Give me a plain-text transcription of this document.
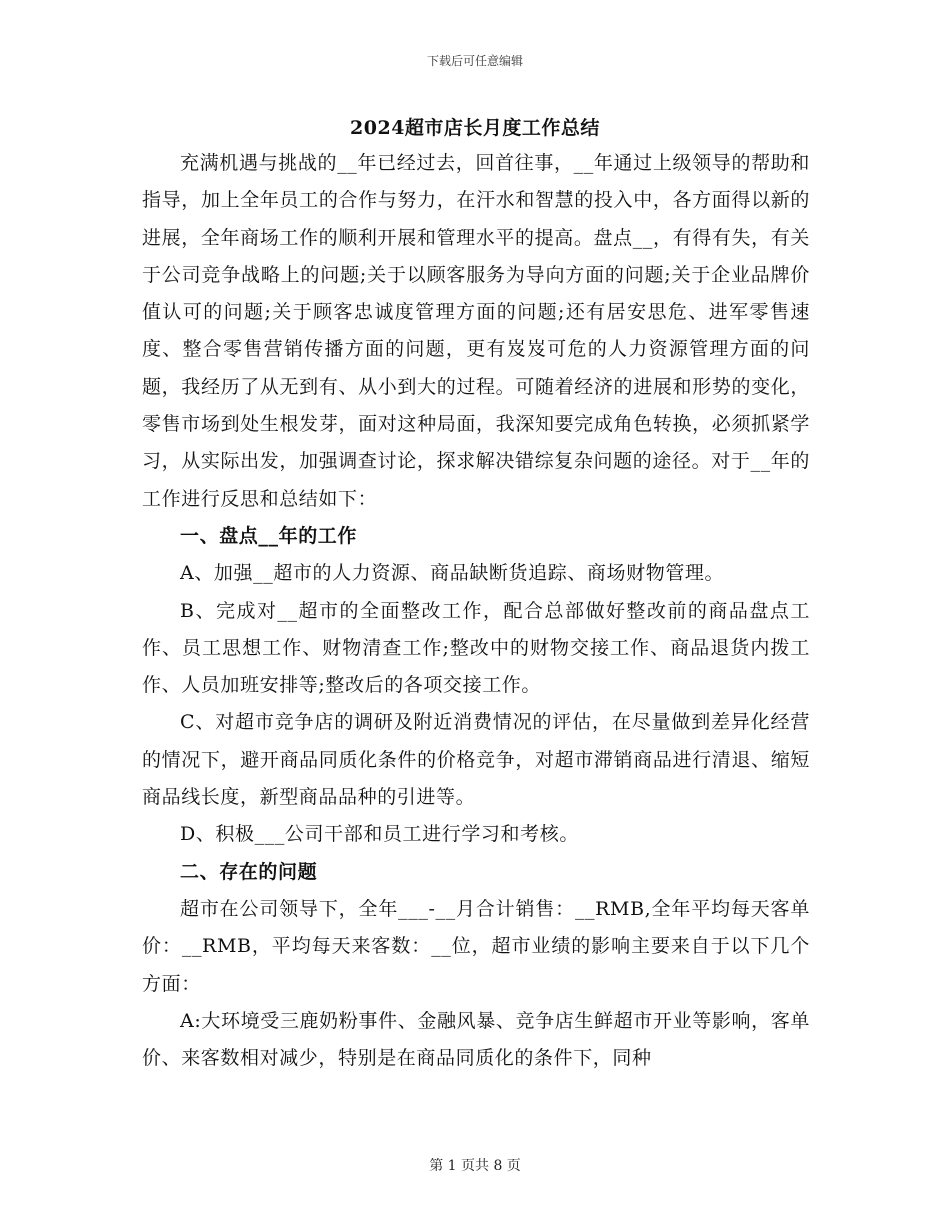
下载后可任意编辑
2024超市店长月度工作总结

充满机遇与挑战的__年已经过去，回首往事，__年通过上级领导的帮助和指导，加上全年员工的合作与努力，在汗水和智慧的投入中，各方面得以新的进展，全年商场工作的顺利开展和管理水平的提高。盘点__，有得有失，有关于公司竞争战略上的问题;关于以顾客服务为导向方面的问题;关于企业品牌价值认可的问题;关于顾客忠诚度管理方面的问题;还有居安思危、进军零售速度、整合零售营销传播方面的问题，更有岌岌可危的人力资源管理方面的问题，我经历了从无到有、从小到大的过程。可随着经济的进展和形势的变化，零售市场到处生根发芽，面对这种局面，我深知要完成角色转换，必须抓紧学习，从实际出发，加强调查讨论，探求解决错综复杂问题的途径。对于__年的工作进行反思和总结如下：

一、盘点__年的工作

A、加强__超市的人力资源、商品缺断货追踪、商场财物管理。

B、完成对__超市的全面整改工作，配合总部做好整改前的商品盘点工作、员工思想工作、财物清查工作;整改中的财物交接工作、商品退货内拨工作、人员加班安排等;整改后的各项交接工作。

C、对超市竞争店的调研及附近消费情况的评估，在尽量做到差异化经营的情况下，避开商品同质化条件的价格竞争，对超市滞销商品进行清退、缩短商品线长度，新型商品品种的引进等。

D、积极___公司干部和员工进行学习和考核。

二、存在的问题

超市在公司领导下，全年___-__月合计销售：__RMB,全年平均每天客单价：__RMB，平均每天来客数：__位，超市业绩的影响主要来自于以下几个方面：

A:大环境受三鹿奶粉事件、金融风暴、竞争店生鲜超市开业等影响，客单价、来客数相对减少，特别是在商品同质化的条件下，同种

第 1 页共 8 页
